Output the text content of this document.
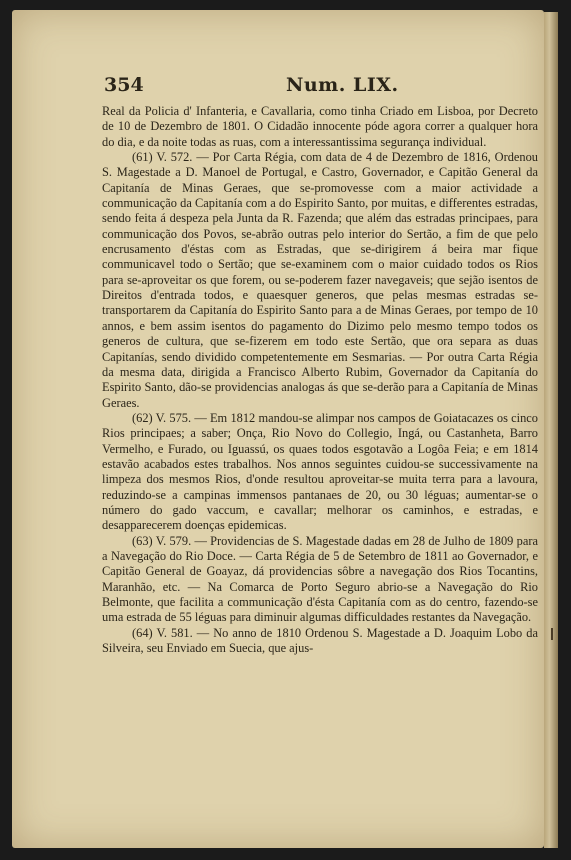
354	Num. LIX.

Real da Policia d' Infanteria, e Cavallaria, como tinha Criado em Lisboa, por Decreto de 10 de Dezembro de 1801. O Cidadão innocente póde agora correr a qualquer hora do dia, e da noite todas as ruas, com a interessantissima segurança individual.

(61) V. 572. — Por Carta Régia, com data de 4 de Dezembro de 1816, Ordenou S. Magestade a D. Manoel de Portugal, e Castro, Governador, e Capitão General da Capitanía de Minas Geraes, que se-promovesse com a maior actividade a communicação da Capitanía com a do Espirito Santo, por muitas, e differentes estradas, sendo feita á despeza pela Junta da R. Fazenda; que além das estradas principaes, para communicação dos Povos, se-abrão outras pelo interior do Sertão, a fim de que pelo encrusamento d'éstas com as Estradas, que se-dirigirem á beira mar fique communicavel todo o Sertão; que se-examinem com o maior cuidado todos os Rios para se-aproveitar os que forem, ou se-poderem fazer navegaveis; que sejão isentos de Direitos d'entrada todos, e quaesquer generos, que pelas mesmas estradas se-transportarem da Capitanía do Espirito Santo para a de Minas Geraes, por tempo de 10 annos, e bem assim isentos do pagamento do Dizimo pelo mesmo tempo todos os generos de cultura, que se-fizerem em todo este Sertão, que ora separa as duas Capitanías, sendo dividido competentemente em Sesmarias. — Por outra Carta Régia da mesma data, dirigida a Francisco Alberto Rubim, Governador da Capitanía do Espirito Santo, dão-se providencias analogas ás que se-derão para a Capitanía de Minas Geraes.

(62) V. 575. — Em 1812 mandou-se alimpar nos campos de Goiatacazes os cinco Rios principaes; a saber; Onça, Rio Novo do Collegio, Ingá, ou Castanheta, Barro Vermelho, e Furado, ou Iguassú, os quaes todos esgotavão a Logôa Feia; e em 1814 estavão acabados estes trabalhos. Nos annos seguintes cuidou-se successivamente na limpeza dos mesmos Rios, d'onde resultou aproveitar-se muita terra para a lavoura, reduzindo-se a campinas immensos pantanaes de 20, ou 30 léguas; aumentar-se o número do gado vaccum, e cavallar; melhorar os caminhos, e estradas, e desapparecerem doenças epidemicas.

(63) V. 579. — Providencias de S. Magestade dadas em 28 de Julho de 1809 para a Navegação do Rio Doce. — Carta Régia de 5 de Setembro de 1811 ao Governador, e Capitão General de Goayaz, dá providencias sôbre a navegação dos Rios Tocantins, Maranhão, etc. — Na Comarca de Porto Seguro abrio-se a Navegação do Rio Belmonte, que facilita a communicação d'ésta Capitanía com as do centro, fazendo-se uma estrada de 55 léguas para diminuir algumas difficuldades restantes da Navegação.

(64) V. 581. — No anno de 1810 Ordenou S. Magestade a D. Joaquim Lobo da Silveira, seu Enviado em Suecia, que ajus-
